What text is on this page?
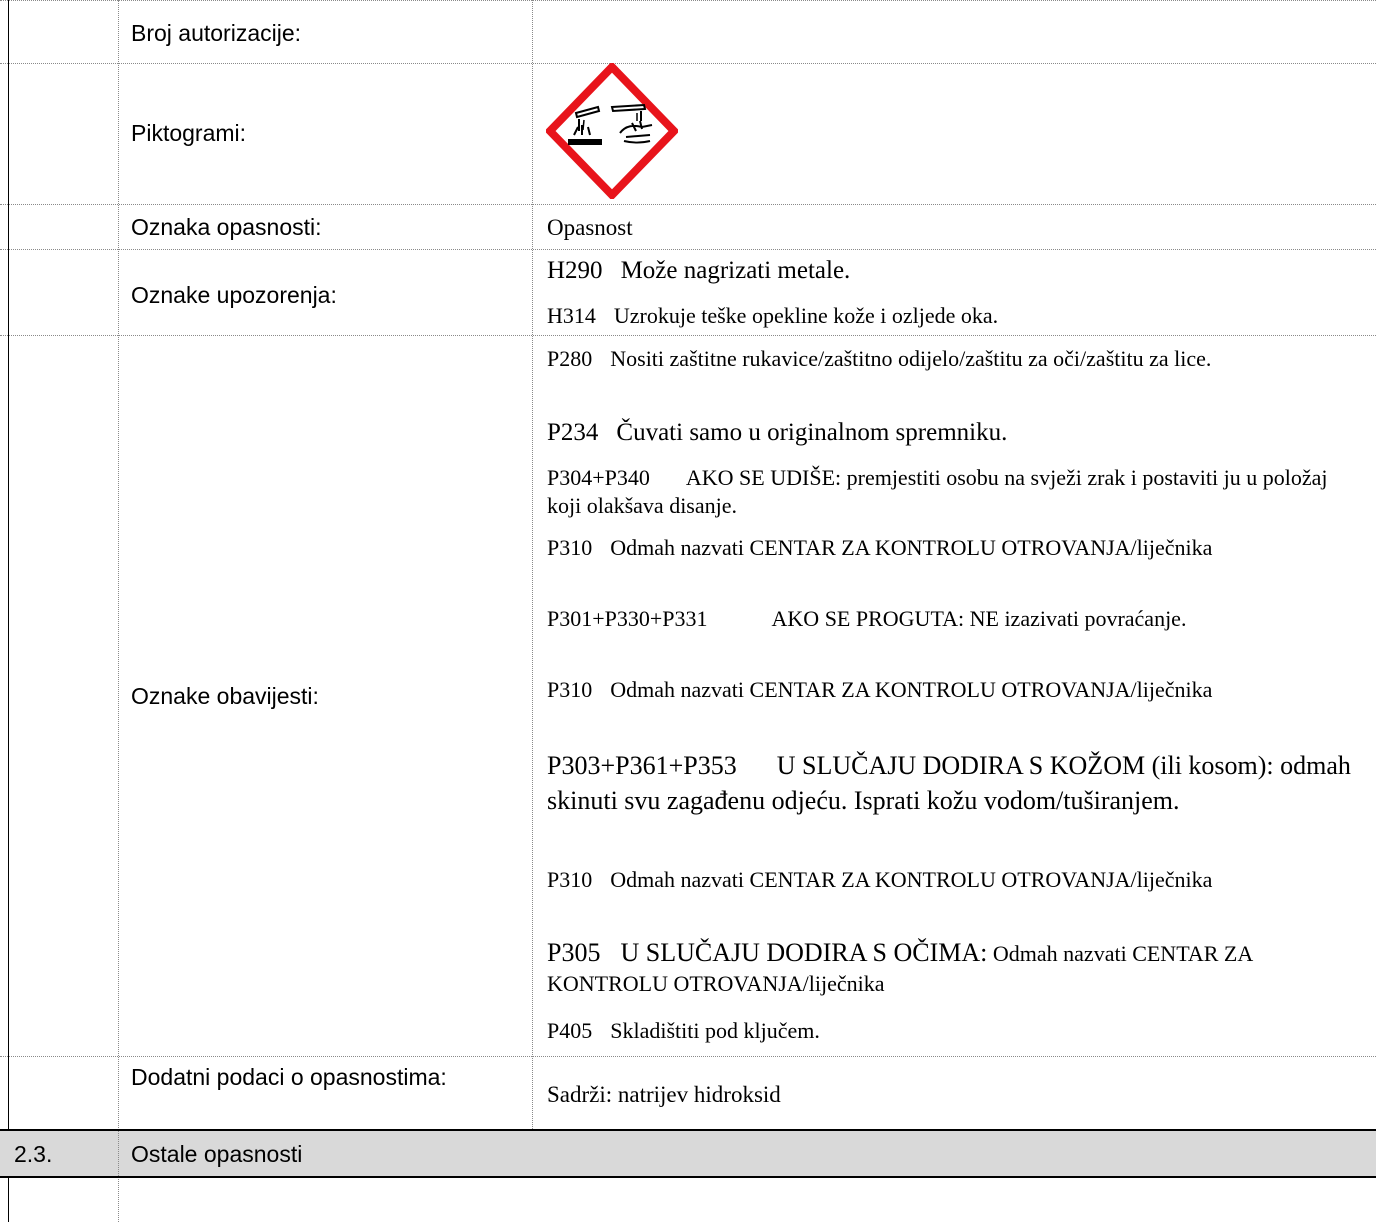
Broj autorizacije:
Piktogrami:
Oznaka opasnosti:	Opasnost
Oznake upozorenja:
H290 Može nagrizati metale.
H314 Uzrokuje teške opekline kože i ozljede oka.
Oznake obavijesti:
P280 Nositi zaštitne rukavice/zaštitno odijelo/zaštitu za oči/zaštitu za lice.
P234 Čuvati samo u originalnom spremniku.
P304+P340 AKO SE UDIŠE: premjestiti osobu na svježi zrak i postaviti ju u položaj koji olakšava disanje.
P310 Odmah nazvati CENTAR ZA KONTROLU OTROVANJA/liječnika
P301+P330+P331	AKO SE PROGUTA: NE izazivati povraćanje.
P310 Odmah nazvati CENTAR ZA KONTROLU OTROVANJA/liječnika
P303+P361+P353 U SLUČAJU DODIRA S KOŽOM (ili kosom): odmah skinuti svu zagađenu odjeću. Isprati kožu vodom/tuširanjem.
P310 Odmah nazvati CENTAR ZA KONTROLU OTROVANJA/liječnika
P305 U SLUČAJU DODIRA S OČIMA: Odmah nazvati CENTAR ZA KONTROLU OTROVANJA/liječnika
P405 Skladištiti pod ključem.
Dodatni podaci o opasnostima:
Sadrži: natrijev hidroksid
2.3.	Ostale opasnosti
